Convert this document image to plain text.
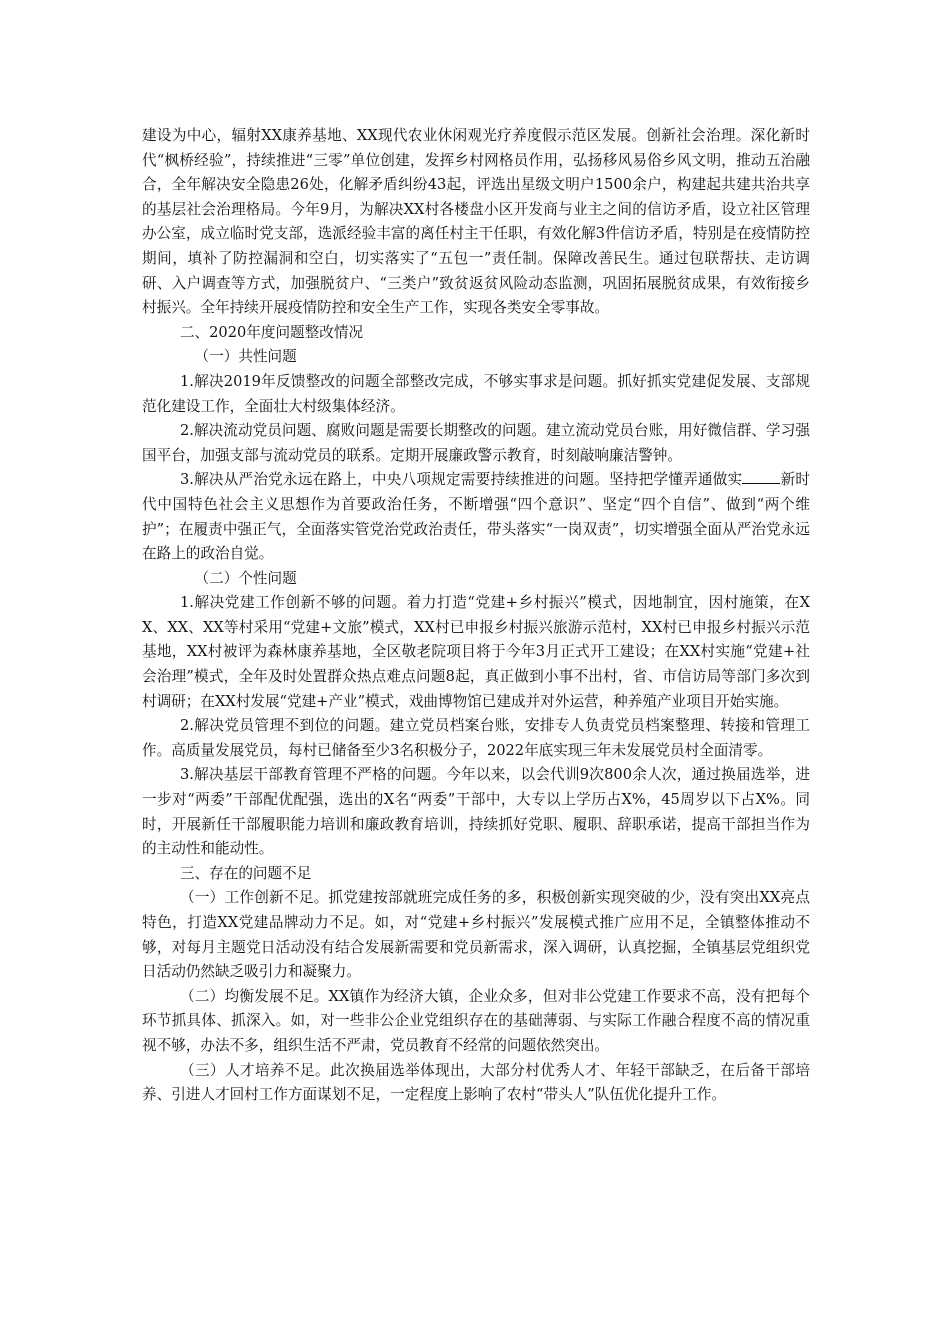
建设为中心，辐射XX康养基地、XX现代农业休闲观光疗养度假示范区发展。创新社会治理。深化新时代“枫桥经验”，持续推进“三零”单位创建，发挥乡村网格员作用，弘扬移风易俗乡风文明，推动五治融合，全年解决安全隐患26处，化解矛盾纠纷43起，评选出星级文明户1500余户，构建起共建共治共享的基层社会治理格局。今年9月，为解决XX村各楼盘小区开发商与业主之间的信访矛盾，设立社区管理办公室，成立临时党支部，选派经验丰富的离任村主干任职，有效化解3件信访矛盾，特别是在疫情防控期间，填补了防控漏洞和空白，切实落实了“五包一”责任制。保障改善民生。通过包联帮扶、走访调研、入户调查等方式，加强脱贫户、“三类户”致贫返贫风险动态监测，巩固拓展脱贫成果，有效衔接乡村振兴。全年持续开展疫情防控和安全生产工作，实现各类安全零事故。

二、2020年度问题整改情况

（一）共性问题

1.解决2019年反馈整改的问题全部整改完成，不够实事求是问题。抓好抓实党建促发展、支部规范化建设工作，全面壮大村级集体经济。

2.解决流动党员问题、腐败问题是需要长期整改的问题。建立流动党员台账，用好微信群、学习强国平台，加强支部与流动党员的联系。定期开展廉政警示教育，时刻敲响廉洁警钟。

3.解决从严治党永远在路上，中央八项规定需要持续推进的问题。坚持把学懂弄通做实	新时代中国特色社会主义思想作为首要政治任务，不断增强“四个意识”、坚定“四个自信”、做到“两个维护”；在履责中强正气，全面落实管党治党政治责任，带头落实“一岗双责”，切实增强全面从严治党永远在路上的政治自觉。

（二）个性问题

1.解决党建工作创新不够的问题。着力打造“党建+乡村振兴”模式，因地制宜，因村施策，在XX、XX、XX等村采用“党建+文旅”模式，XX村已申报乡村振兴旅游示范村，XX村已申报乡村振兴示范基地，XX村被评为森林康养基地，全区敬老院项目将于今年3月正式开工建设；在XX村实施“党建+社会治理”模式，全年及时处置群众热点难点问题8起，真正做到小事不出村，省、市信访局等部门多次到村调研；在XX村发展“党建+产业”模式，戏曲博物馆已建成并对外运营，种养殖产业项目开始实施。

2.解决党员管理不到位的问题。建立党员档案台账，安排专人负责党员档案整理、转接和管理工作。高质量发展党员，每村已储备至少3名积极分子，2022年底实现三年未发展党员村全面清零。

3.解决基层干部教育管理不严格的问题。今年以来，以会代训9次800余人次，通过换届选举，进一步对“两委”干部配优配强，选出的X名“两委”干部中，大专以上学历占X%，45周岁以下占X%。同时，开展新任干部履职能力培训和廉政教育培训，持续抓好党职、履职、辞职承诺，提高干部担当作为的主动性和能动性。

三、存在的问题不足

（一）工作创新不足。抓党建按部就班完成任务的多，积极创新实现突破的少，没有突出XX亮点特色，打造XX党建品牌动力不足。如，对“党建+乡村振兴”发展模式推广应用不足，全镇整体推动不够，对每月主题党日活动没有结合发展新需要和党员新需求，深入调研，认真挖掘，全镇基层党组织党日活动仍然缺乏吸引力和凝聚力。

（二）均衡发展不足。XX镇作为经济大镇，企业众多，但对非公党建工作要求不高，没有把每个环节抓具体、抓深入。如，对一些非公企业党组织存在的基础薄弱、与实际工作融合程度不高的情况重视不够，办法不多，组织生活不严肃，党员教育不经常的问题依然突出。

（三）人才培养不足。此次换届选举体现出，大部分村优秀人才、年轻干部缺乏，在后备干部培养、引进人才回村工作方面谋划不足，一定程度上影响了农村“带头人”队伍优化提升工作。
